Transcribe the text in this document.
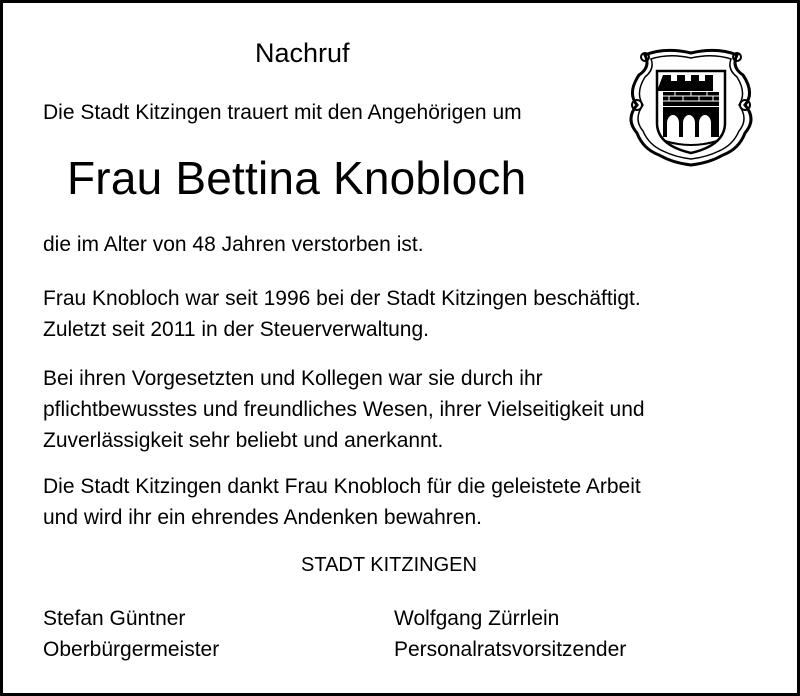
Nachruf
Die Stadt Kitzingen trauert mit den Angehörigen um
Frau Bettina Knobloch
die im Alter von 48 Jahren verstorben ist.
Frau Knobloch war seit 1996 bei der Stadt Kitzingen beschäftigt.
Zuletzt seit 2011 in der Steuerverwaltung.
Bei ihren Vorgesetzten und Kollegen war sie durch ihr
pflichtbewusstes und freundliches Wesen, ihrer Vielseitigkeit und
Zuverlässigkeit sehr beliebt und anerkannt.
Die Stadt Kitzingen dankt Frau Knobloch für die geleistete Arbeit
und wird ihr ein ehrendes Andenken bewahren.
STADT KITZINGEN
Stefan Güntner
Oberbürgermeister
Wolfgang Zürrlein
Personalratsvorsitzender
